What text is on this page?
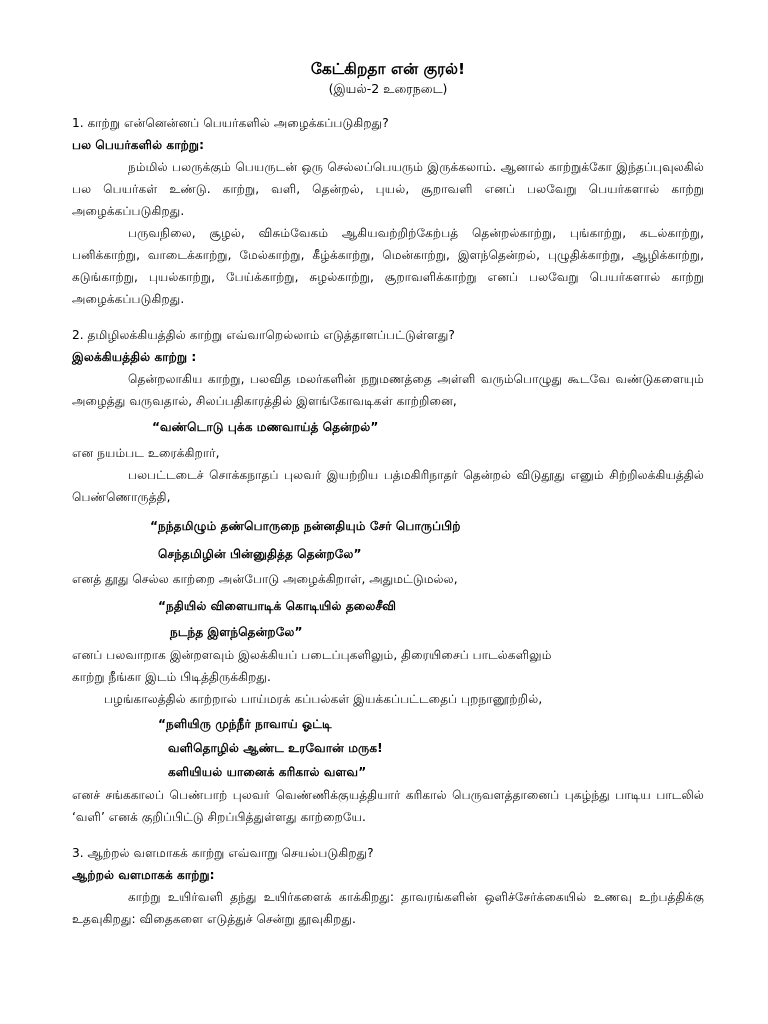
கேட்கிறதா என் குரல்!

(இயல்-2 உரைநடை)

1. காற்று என்னென்னப் பெயர்களில் அழைக்கப்படுகிறது?

பல பெயர்களில் காற்று:

நம்மில் பலருக்கும் பெயருடன் ஒரு செல்லப்பெயரும் இருக்கலாம். ஆனால் காற்றுக்கோ இந்தப்புவுலகில் பல பெயர்கள் உண்டு. காற்று, வளி, தென்றல், புயல், சூறாவளி எனப் பலவேறு பெயர்களால் காற்று அழைக்கப்படுகிறது.

பருவநிலை, சூழல், விசும்வேகம் ஆகியவற்றிற்கேற்பத் தென்றல்காற்று, புங்காற்று, கடல்காற்று, பனிக்காற்று, வாடைக்காற்று, மேல்காற்று, கீழ்க்காற்று, மென்காற்று, இளந்தென்றல், புழுதிக்காற்று, ஆழிக்காற்று, கடுங்காற்று, புயல்காற்று, பேய்க்காற்று, சுழல்காற்று, சூறாவளிக்காற்று எனப் பலவேறு பெயர்களால் காற்று அழைக்கப்படுகிறது.

2. தமிழிலக்கியத்தில் காற்று எவ்வாறெல்லாம் எடுத்தாளப்பட்டுள்ளது?

இலக்கியத்தில் காற்று :

தென்றலாகிய காற்று, பலவித மலர்களின் நறுமணத்தை அள்ளி வரும்பொழுது கூடவே வண்டுகளையும் அழைத்து வருவதால், சிலப்பதிகாரத்தில் இளங்கோவடிகள் காற்றினை,

“வண்டொடு புக்க மணவாய்த் தென்றல்”

என நயம்பட உரைக்கிறார்,

பலபட்டடைச் சொக்கநாதப் புலவர் இயற்றிய பத்மகிரிநாதர் தென்றல் விடுதூது எனும் சிற்றிலக்கியத்தில் பெண்ணொருத்தி,

“நந்தமிழும் தண்பொருநை நன்னதியும் சேர் பொருப்பிற்

செந்தமிழின் பின்னுதித்த தென்றலே”

எனத் தூது செல்ல காற்றை அன்போடு அழைக்கிறாள், அதுமட்டுமல்ல,

“நதியில் விளையாடிக் கொடியில் தலைசீவி

நடந்த இளந்தென்றலே”

எனப் பலவாறாக இன்றளவும் இலக்கியப் படைப்புகளிலும், திரையிசைப் பாடல்களிலும்

காற்று நீங்கா இடம் பிடித்திருக்கிறது.

பழங்காலத்தில் காற்றால் பாய்மரக் கப்பல்கள் இயக்கப்பட்டதைப் புறநானூற்றில்,

“நளியிரு முந்நீர் நாவாய் ஓட்டி

வளிதொழில் ஆண்ட உரவோன் மருக!

களியியல் யானைக் கரிகால் வளவ”

எனச் சங்ககாலப் பெண்பாற் புலவர் வெண்ணிக்குயத்தியார் கரிகால் பெருவளத்தானைப் புகழ்ந்து பாடிய பாடலில் ‘வளி’ எனக் குறிப்பிட்டு சிறப்பித்துள்ளது காற்றையே.

3. ஆற்றல் வளமாகக் காற்று எவ்வாறு செயல்படுகிறது?

ஆற்றல் வளமாகக் காற்று:

காற்று உயிர்வளி தந்து உயிர்களைக் காக்கிறது: தாவரங்களின் ஒளிச்சேர்க்கையில் உணவு உற்பத்திக்கு உதவுகிறது: விதைகளை எடுத்துச் சென்று தூவுகிறது.
